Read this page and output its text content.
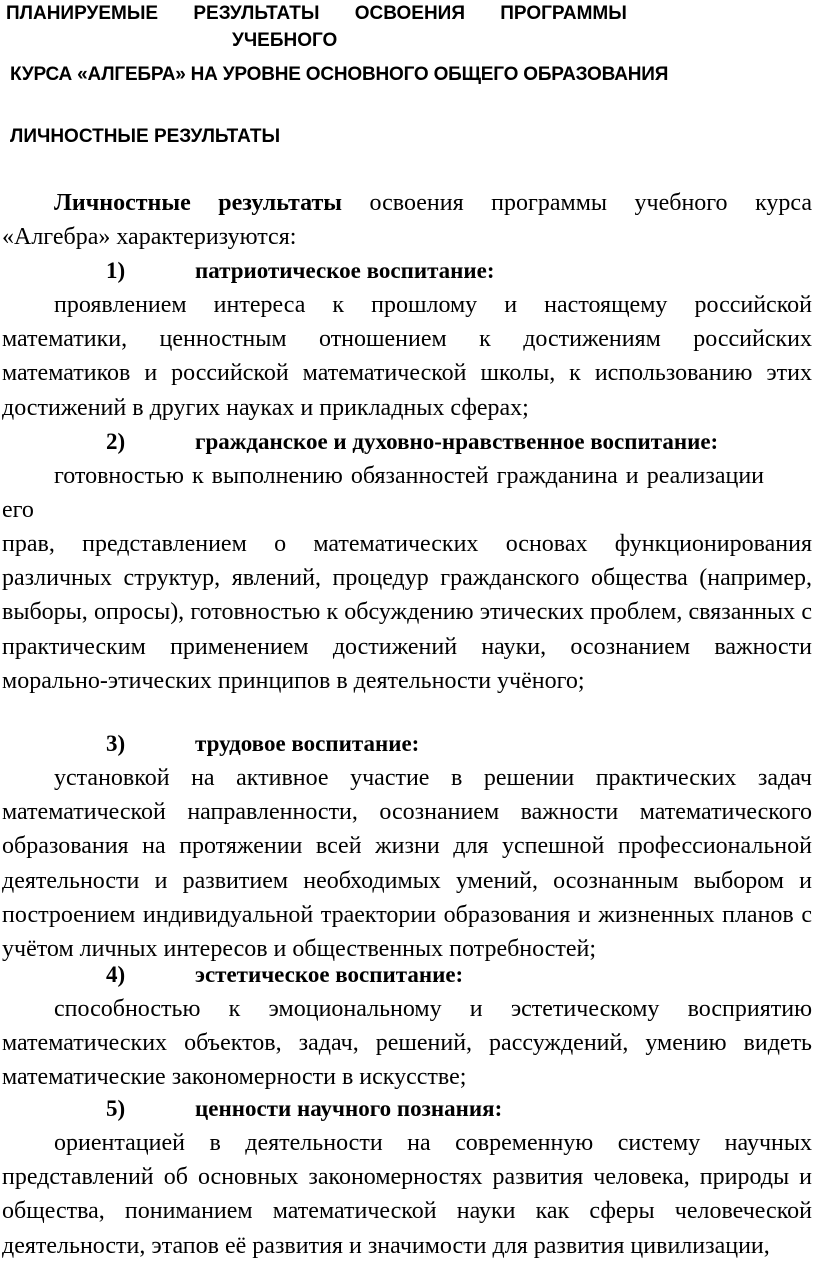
ПЛАНИРУЕМЫЕ РЕЗУЛЬТАТЫ ОСВОЕНИЯ ПРОГРАММЫ
УЧЕБНОГО
КУРСА «АЛГЕБРА» НА УРОВНЕ ОСНОВНОГО ОБЩЕГО ОБРАЗОВАНИЯ
ЛИЧНОСТНЫЕ РЕЗУЛЬТАТЫ

Личностные результаты освоения программы учебного курса «Алгебра» характеризуются:

1)	патриотическое воспитание:

проявлением интереса к прошлому и настоящему российской математики, ценностным отношением к достижениям российских математиков и российской математической школы, к использованию этих достижений в других науках и прикладных сферах;

2)	гражданское и духовно-нравственное воспитание:

готовностью к выполнению обязанностей гражданина и реализации его

прав, представлением о математических основах функционирования различных структур, явлений, процедур гражданского общества (например, выборы, опросы), готовностью к обсуждению этических проблем, связанных с практическим применением достижений науки, осознанием важности морально-этических принципов в деятельности учёного;

3)	трудовое воспитание:

установкой на активное участие в решении практических задач математической направленности, осознанием важности математического образования на протяжении всей жизни для успешной профессиональной деятельности и развитием необходимых умений, осознанным выбором и построением индивидуальной траектории образования и жизненных планов с учётом личных интересов и общественных потребностей;

4)	эстетическое воспитание:

способностью к эмоциональному и эстетическому восприятию математических объектов, задач, решений, рассуждений, умению видеть математические закономерности в искусстве;

5)	ценности научного познания:

ориентацией в деятельности на современную систему научных представлений об основных закономерностях развития человека, природы и общества, пониманием математической науки как сферы человеческой деятельности, этапов её развития и значимости для развития цивилизации,
